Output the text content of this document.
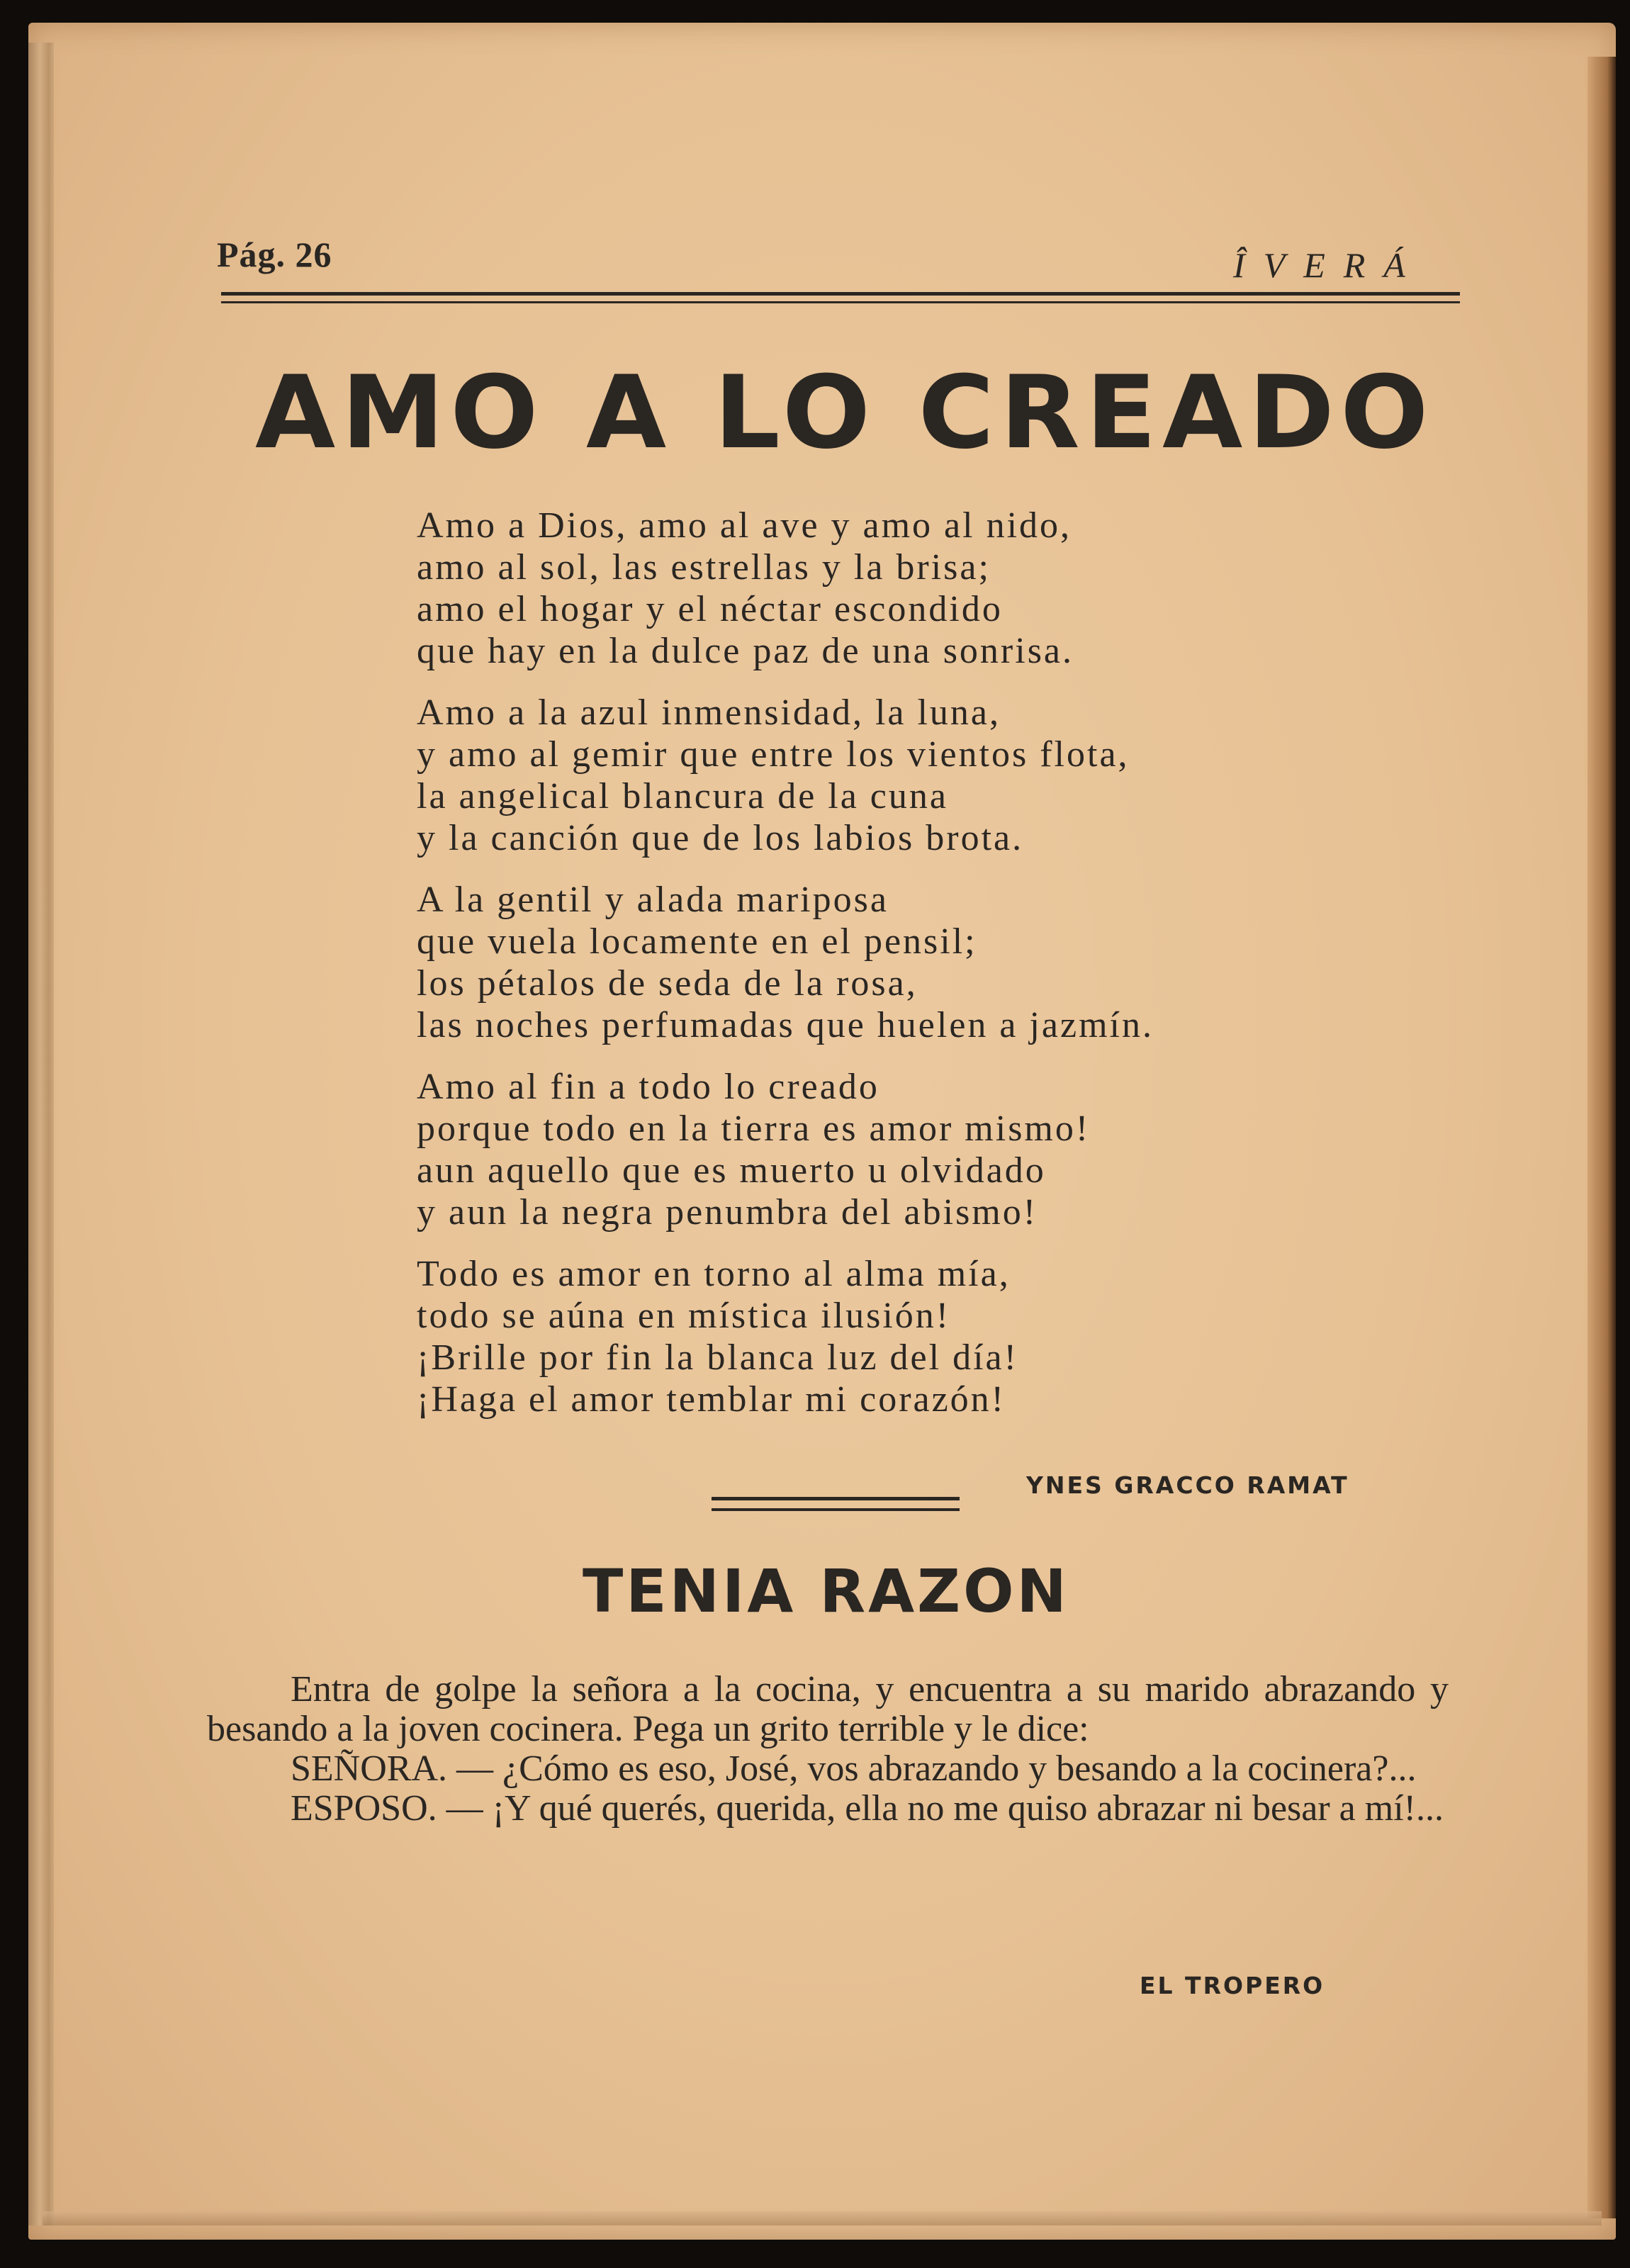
Pág. 26	ÎVERÁ
AMO A LO CREADO
Amo a Dios, amo al ave y amo al nido,
amo al sol, las estrellas y la brisa;
amo el hogar y el néctar escondido
que hay en la dulce paz de una sonrisa.
Amo a la azul inmensidad, la luna,
y amo al gemir que entre los vientos flota,
la angelical blancura de la cuna
y la canción que de los labios brota.
A la gentil y alada mariposa
que vuela locamente en el pensil;
los pétalos de seda de la rosa,
las noches perfumadas que huelen a jazmín.
Amo al fin a todo lo creado
porque todo en la tierra es amor mismo!
aun aquello que es muerto u olvidado
y aun la negra penumbra del abismo!
Todo es amor en torno al alma mía,
todo se aúna en mística ilusión!
¡Brille por fin la blanca luz del día!
¡Haga el amor temblar mi corazón!
YNES GRACCO RAMAT
TENIA RAZON

Entra de golpe la señora a la cocina, y encuentra a su marido abrazando y besando a la joven cocinera. Pega un grito terrible y le dice:

SEÑORA. — ¿Cómo es eso, José, vos abrazando y besando a la cocinera?...

ESPOSO. — ¡Y qué querés, querida, ella no me quiso abrazar ni besar a mí!...

EL TROPERO
